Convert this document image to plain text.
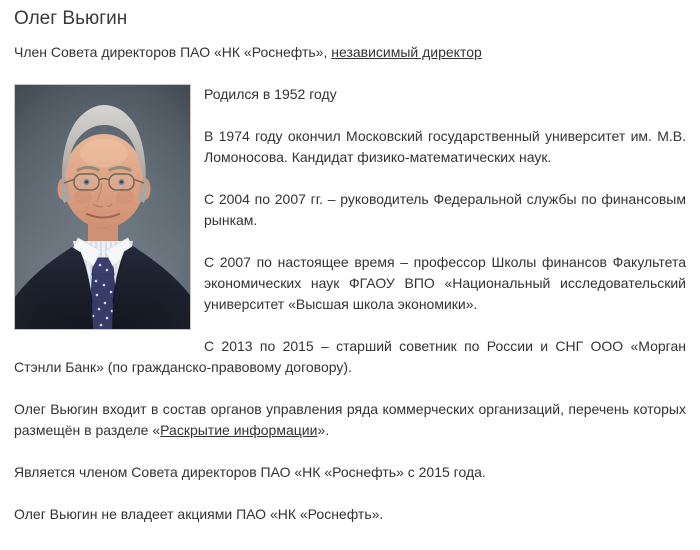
Олег Вьюгин

Член Совета директоров ПАО «НК «Роснефть», независимый директор

Родился в 1952 году

В 1974 году окончил Московский государственный университет им. М.В. Ломоносова. Кандидат физико-математических наук.

С 2004 по 2007 гг. – руководитель Федеральной службы по финансовым рынкам.

С 2007 по настоящее время – профессор Школы финансов Факультета экономических наук ФГАОУ ВПО «Национальный исследовательский университет «Высшая школа экономики».

С 2013 по 2015 – старший советник по России и СНГ ООО «Морган Стэнли Банк» (по гражданско-правовому договору).

Олег Вьюгин входит в состав органов управления ряда коммерческих организаций, перечень которых размещён в разделе «Раскрытие информации».

Является членом Совета директоров ПАО «НК «Роснефть» с 2015 года.

Олег Вьюгин не владеет акциями ПАО «НК «Роснефть».
